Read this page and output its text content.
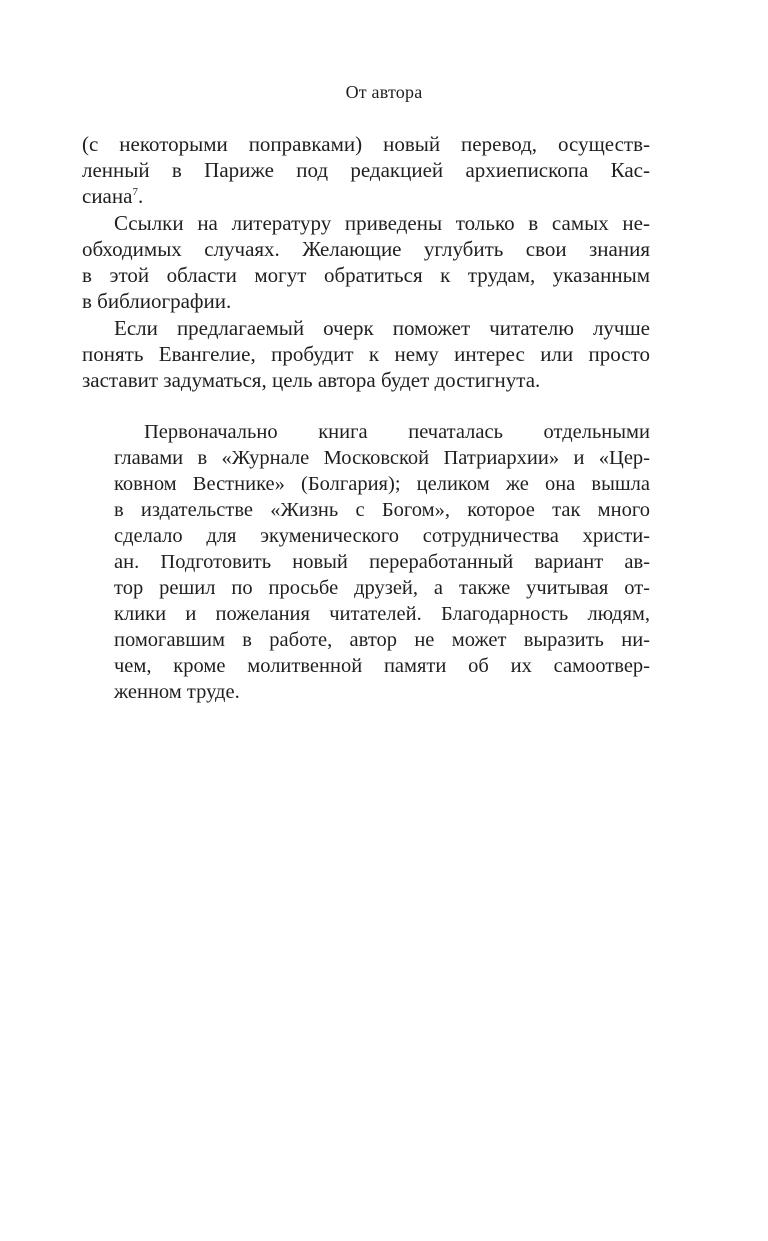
От автора
(с некоторыми поправками) новый перевод, осуществ-
ленный в Париже под редакцией архиепископа Кас-
сиана$^7$.
Ссылки на литературу приведены только в самых не-
обходимых случаях. Желающие углубить свои знания
в этой области могут обратиться к трудам, указанным
в библиографии.
Если предлагаемый очерк поможет читателю лучше
понять Евангелие, пробудит к нему интерес или просто
заставит задуматься, цель автора будет достигнута.
Первоначально книга печаталась отдельными
главами в «Журнале Московской Патриархии» и «Цер-
ковном Вестнике» (Болгария); целиком же она вышла
в издательстве «Жизнь с Богом», которое так много
сделало для экуменического сотрудничества христи-
ан. Подготовить новый переработанный вариант ав-
тор решил по просьбе друзей, а также учитывая от-
клики и пожелания читателей. Благодарность людям,
помогавшим в работе, автор не может выразить ни-
чем, кроме молитвенной памяти об их самоотвер-
женном труде.
